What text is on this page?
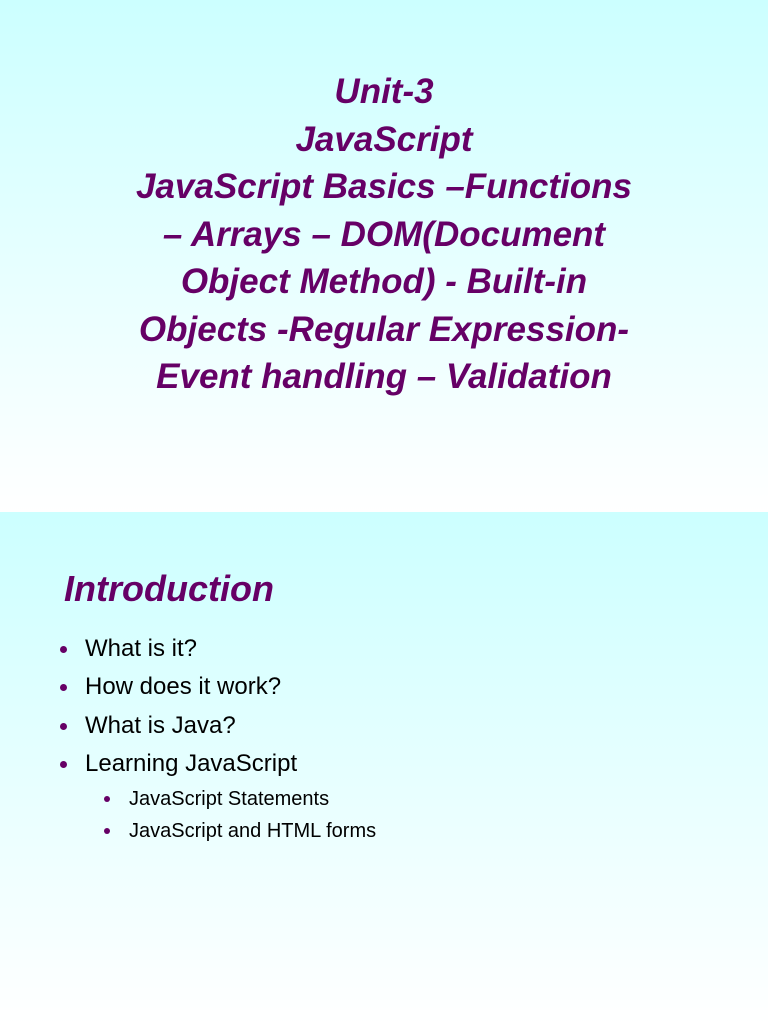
Unit-3
JavaScript
JavaScript Basics –Functions
– Arrays – DOM(Document
Object Method) - Built-in
Objects -Regular Expression-
Event handling – Validation
Introduction
What is it?
How does it work?
What is Java?
Learning JavaScript
JavaScript Statements
JavaScript and HTML forms
